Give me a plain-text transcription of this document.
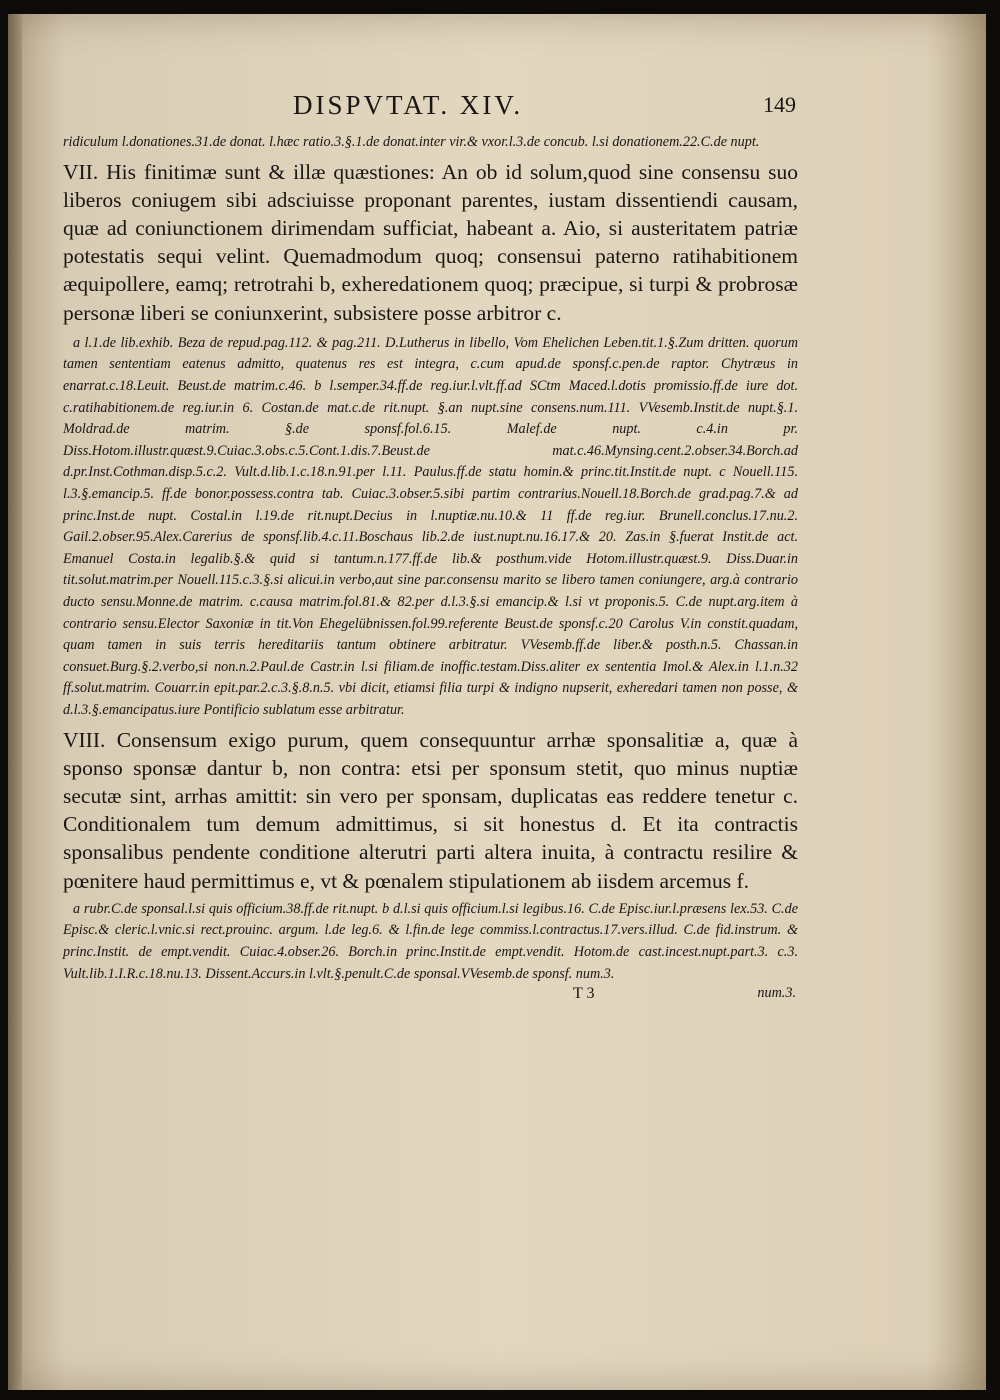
DISPVTAT. XIV.	149

ridiculum l.donationes.31.de donat. l.hæc ratio.3.§.1.de donat.inter vir.& vxor.l.3.de concub. l.si donationem.22.C.de nupt.

VII. His finitimæ sunt & illæ quæstiones: An ob id solum,quod sine consensu suo liberos coniugem sibi adsciuisse proponant parentes, iustam dissentiendi causam, quæ ad coniunctionem dirimendam sufficiat, habeant a. Aio, si austeritatem patriæ potestatis sequi velint. Quemadmodum quoq; consensui paterno ratihabitionem æquipollere, eamq; retrotrahi b, exheredationem quoq; præcipue, si turpi & probrosæ personæ liberi se coniunxerint, subsistere posse arbitror c.

a l.1.de lib.exhib. Beza de repud.pag.112. & pag.211. D.Lutherus in libello, Vom Ehelichen Leben.tit.1.§.Zum dritten. quorum tamen sententiam eatenus admitto, quatenus res est integra, c.cum apud.de sponsf.c.pen.de raptor. Chytræus in enarrat.c.18.Leuit. Beust.de matrim.c.46. b l.semper.34.ff.de reg.iur.l.vlt.ff.ad SCtm Maced.l.dotis promissio.ff.de iure dot. c.ratihabitionem.de reg.iur.in 6. Costan.de mat.c.de rit.nupt. §.an nupt.sine consens.num.111. VVesemb.Instit.de nupt.§.1. Moldrad.de matrim. §.de sponsf.fol.6.15. Malef.de nupt. c.4.in pr. Diss.Hotom.illustr.quæst.9.Cuiac.3.obs.c.5.Cont.1.dis.7.Beust.de mat.c.46.Mynsing.cent.2.obser.34.Borch.ad d.pr.Inst.Cothman.disp.5.c.2. Vult.d.lib.1.c.18.n.91.per l.11. Paulus.ff.de statu homin.& princ.tit.Instit.de nupt. c Nouell.115. l.3.§.emancip.5. ff.de bonor.possess.contra tab. Cuiac.3.obser.5.sibi partim contrarius.Nouell.18.Borch.de grad.pag.7.& ad princ.Inst.de nupt. Costal.in l.19.de rit.nupt.Decius in l.nuptiæ.nu.10.& 11 ff.de reg.iur. Brunell.conclus.17.nu.2. Gail.2.obser.95.Alex.Carerius de sponsf.lib.4.c.11.Boschaus lib.2.de iust.nupt.nu.16.17.& 20. Zas.in §.fuerat Instit.de act. Emanuel Costa.in legalib.§.& quid si tantum.n.177.ff.de lib.& posthum.vide Hotom.illustr.quæst.9. Diss.Duar.in tit.solut.matrim.per Nouell.115.c.3.§.si alicui.in verbo,aut sine par.consensu marito se libero tamen coniungere, arg.à contrario ducto sensu.Monne.de matrim. c.causa matrim.fol.81.& 82.per d.l.3.§.si emancip.& l.si vt proponis.5. C.de nupt.arg.item à contrario sensu.Elector Saxoniæ in tit.Von Ehegelübnissen.fol.99.referente Beust.de sponsf.c.20 Carolus V.in constit.quadam, quam tamen in suis terris hereditariis tantum obtinere arbitratur. VVesemb.ff.de liber.& posth.n.5. Chassan.in consuet.Burg.§.2.verbo,si non.n.2.Paul.de Castr.in l.si filiam.de inoffic.testam.Diss.aliter ex sententia Imol.& Alex.in l.1.n.32 ff.solut.matrim. Couarr.in epit.par.2.c.3.§.8.n.5. vbi dicit, etiamsi filia turpi & indigno nupserit, exheredari tamen non posse, & d.l.3.§.emancipatus.iure Pontificio sublatum esse arbitratur.

VIII. Consensum exigo purum, quem consequuntur arrhæ sponsalitiæ a, quæ à sponso sponsæ dantur b, non contra: etsi per sponsum stetit, quo minus nuptiæ secutæ sint, arrhas amittit: sin vero per sponsam, duplicatas eas reddere tenetur c. Conditionalem tum demum admittimus, si sit honestus d. Et ita contractis sponsalibus pendente conditione alterutri parti altera inuita, à contractu resilire & pœnitere haud permittimus e, vt & pœnalem stipulationem ab iisdem arcemus f.

a rubr.C.de sponsal.l.si quis officium.38.ff.de rit.nupt. b d.l.si quis officium.l.si legibus.16. C.de Episc.iur.l.præsens lex.53. C.de Episc.& cleric.l.vnic.si rect.prouinc. argum. l.de leg.6. & l.fin.de lege commiss.l.contractus.17.vers.illud. C.de fid.instrum. & princ.Instit. de empt.vendit. Cuiac.4.obser.26. Borch.in princ.Instit.de empt.vendit. Hotom.de cast.incest.nupt.part.3. c.3. Vult.lib.1.I.R.c.18.nu.13. Dissent.Accurs.in l.vlt.§.penult.C.de sponsal.VVesemb.de sponsf. num.3.

T 3	num.3.
